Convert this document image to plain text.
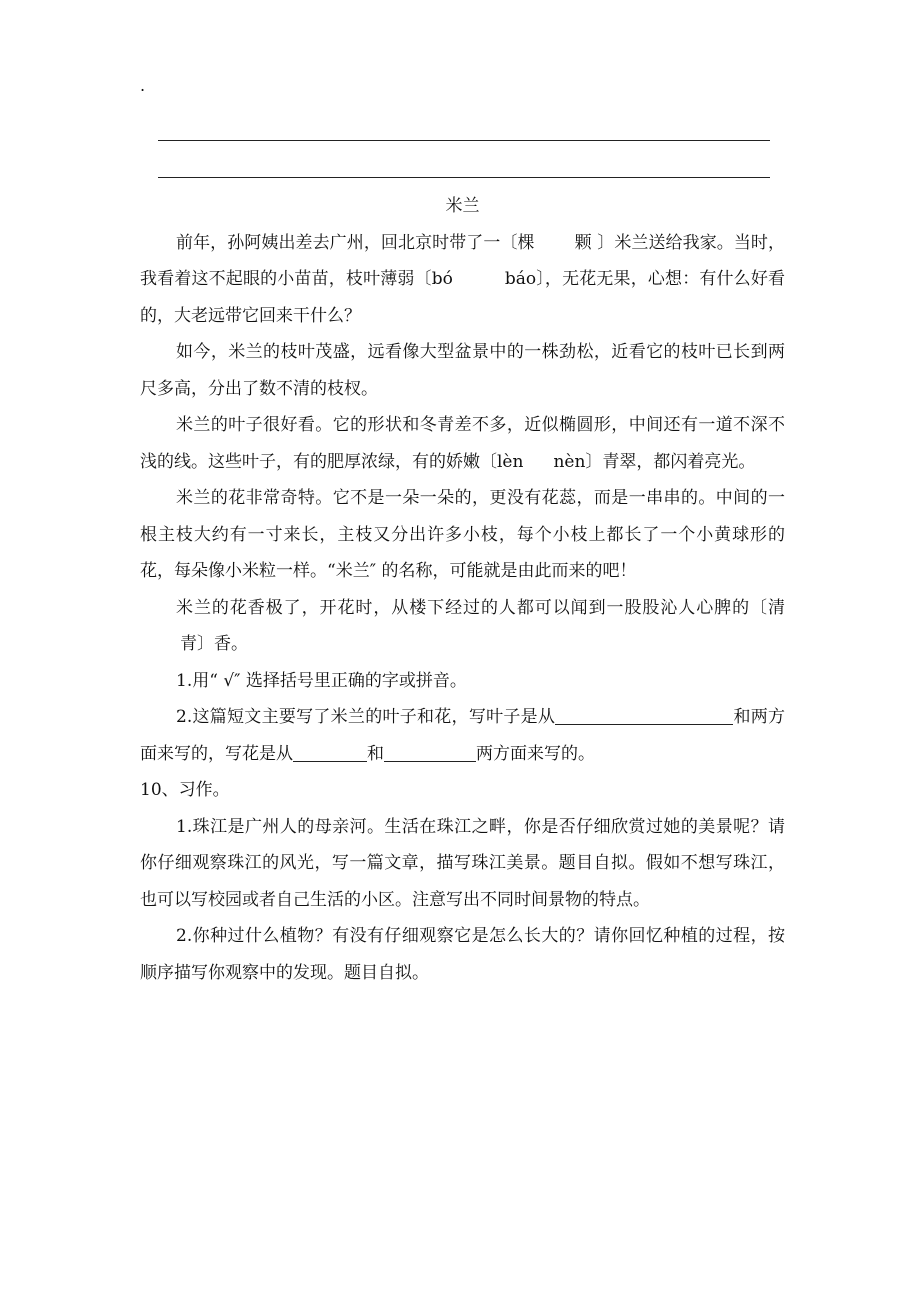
.

米兰

前年，孙阿姨出差去广州，回北京时带了一〔棵 颗 〕米兰送给我家。当时，我看着这不起眼的小苗苗，枝叶薄弱〔bó	báo〕，无花无果，心想：有什么好看的，大老远带它回来干什么？

如今，米兰的枝叶茂盛，远看像大型盆景中的一株劲松，近看它的枝叶已长到两尺多高，分出了数不清的枝杈。

米兰的叶子很好看。它的形状和冬青差不多，近似椭圆形，中间还有一道不深不浅的线。这些叶子，有的肥厚浓绿，有的娇嫩〔lèn nèn〕青翠，都闪着亮光。

米兰的花非常奇特。它不是一朵一朵的，更没有花蕊，而是一串串的。中间的一根主枝大约有一寸来长，主枝又分出许多小枝，每个小枝上都长了一个小黄球形的花，每朵像小米粒一样。“米兰″ 的名称，可能就是由此而来的吧！

米兰的花香极了，开花时，从楼下经过的人都可以闻到一股股沁人心脾的〔清青〕香。

1.用“ √″ 选择括号里正确的字或拼音。

2.这篇短文主要写了米兰的叶子和花，写叶子是从	和两方面来写的，写花是从	和	两方面来写的。

10、习作。

1.珠江是广州人的母亲河。生活在珠江之畔，你是否仔细欣赏过她的美景呢？请你仔细观察珠江的风光，写一篇文章，描写珠江美景。题目自拟。假如不想写珠江，也可以写校园或者自己生活的小区。注意写出不同时间景物的特点。

2.你种过什么植物？有没有仔细观察它是怎么长大的？请你回忆种植的过程，按顺序描写你观察中的发现。题目自拟。
